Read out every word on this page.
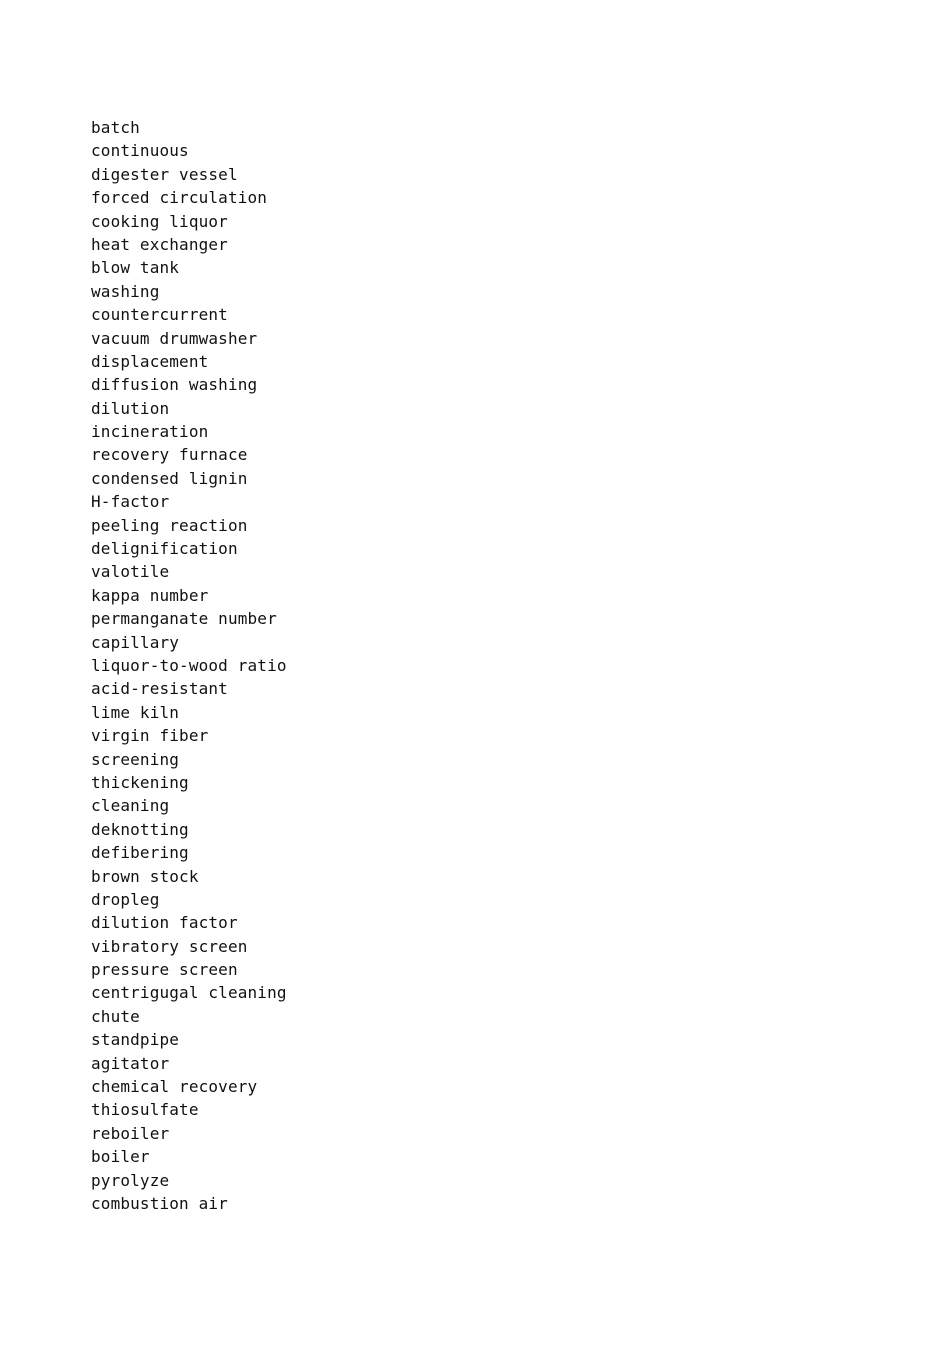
batch
continuous
digester vessel
forced circulation
cooking liquor
heat exchanger
blow tank
washing
countercurrent
vacuum drumwasher
displacement
diffusion washing
dilution
incineration
recovery furnace
condensed lignin
H-factor
peeling reaction
delignification
valotile
kappa number
permanganate number
capillary
liquor-to-wood ratio
acid-resistant
lime kiln
virgin fiber
screening
thickening
cleaning
deknotting
defibering
brown stock
dropleg
dilution factor
vibratory screen
pressure screen
centrigugal cleaning
chute
standpipe
agitator
chemical recovery
thiosulfate
reboiler
boiler
pyrolyze
combustion air
